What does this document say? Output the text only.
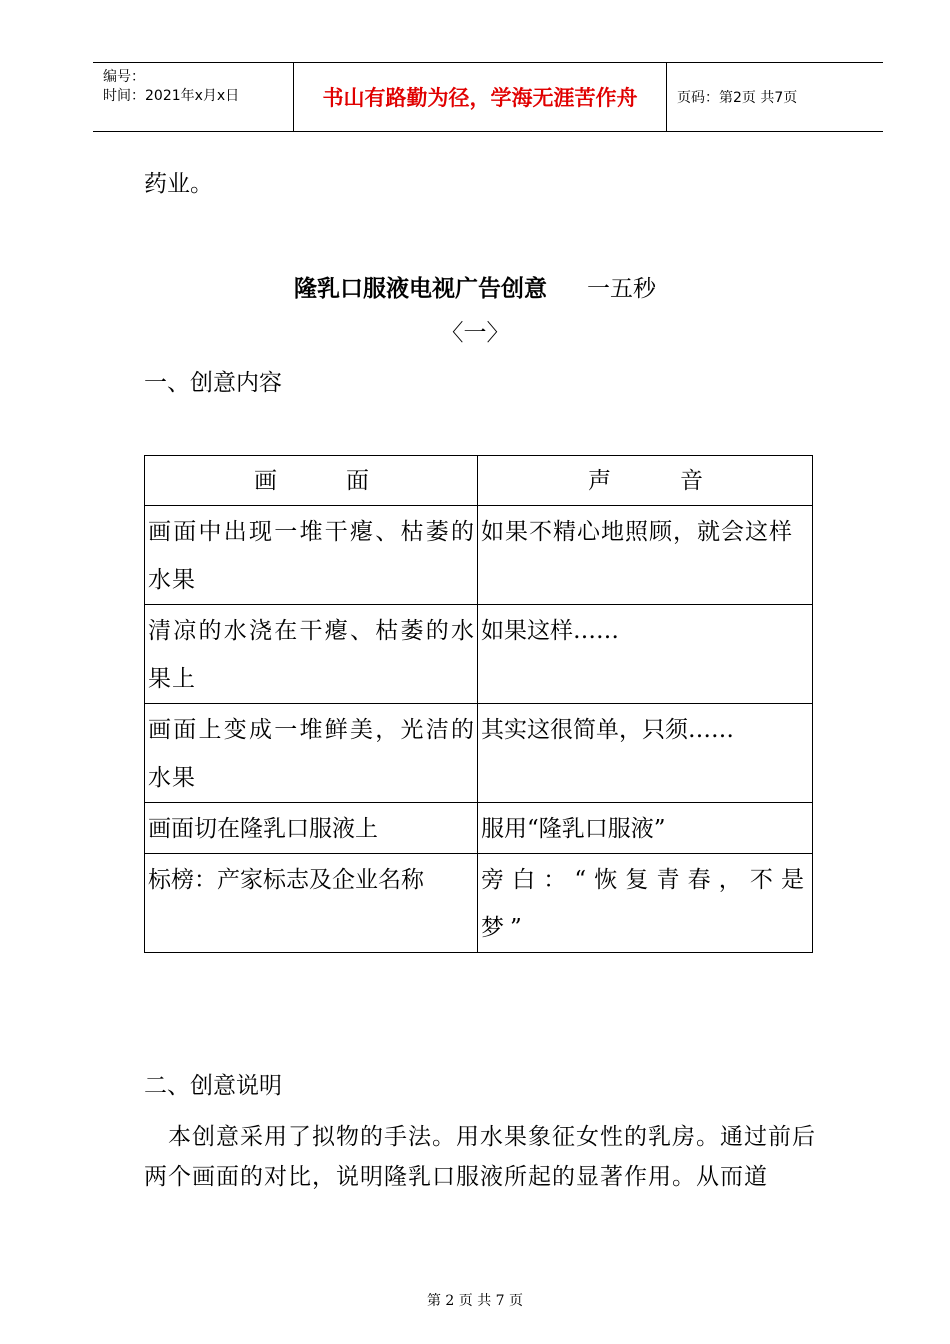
编号：
时间：2021年x月x日	书山有路勤为径，学海无涯苦作舟	页码：第2页 共7页
药业。
隆乳口服液电视广告创意 一五秒
〈一〉
一、创意内容
画　　　面	声　　　音
画面中出现一堆干瘪、枯萎的水果	如果不精心地照顾，就会这样
清凉的水浇在干瘪、枯萎的水果上	如果这样……
画面上变成一堆鲜美，光洁的水果	其实这很简单，只须……
画面切在隆乳口服液上	服用“隆乳口服液”
标榜：产家标志及企业名称	旁白：“恢复青春，不是梦”
二、创意说明
本创意采用了拟物的手法。用水果象征女性的乳房。通过前后两个画面的对比，说明隆乳口服液所起的显著作用。从而道
第 2 页 共 7 页
